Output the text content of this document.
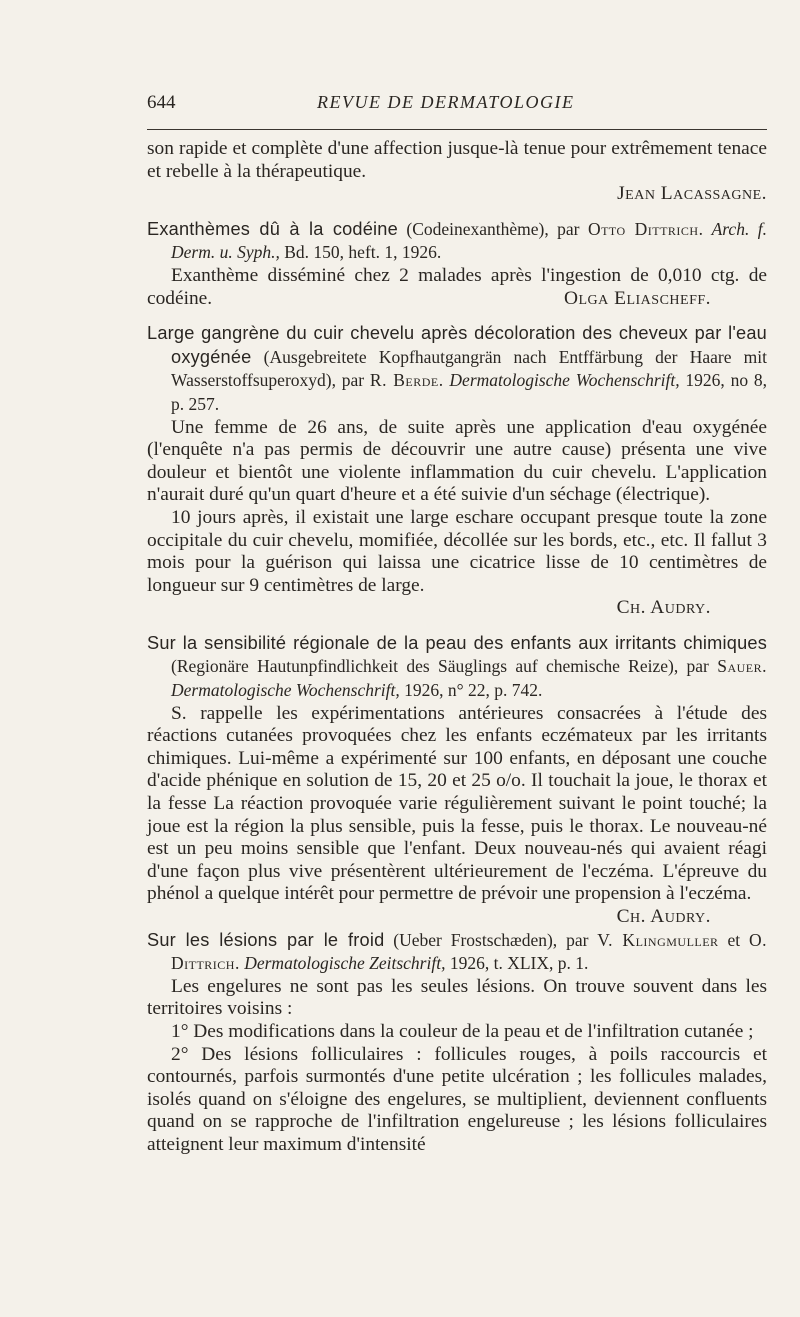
644	REVUE DE DERMATOLOGIE

son rapide et complète d'une affection jusque-là tenue pour extrêmement tenace et rebelle à la thérapeutique.

Jean Lacassagne.

Exanthèmes dû à la codéine (Codeinexanthème), par Otto Dittrich. Arch. f. Derm. u. Syph., Bd. 150, heft. 1, 1926.

Exanthème disséminé chez 2 malades après l'ingestion de 0,010 ctg. de codéine.	Olga Eliascheff.

Large gangrène du cuir chevelu après décoloration des cheveux par l'eau oxygénée (Ausgebreitete Kopfhautgangrän nach Entffärbung der Haare mit Wasserstoffsuperoxyd), par R. Berde. Dermatologische Wochenschrift, 1926, no 8, p. 257.

Une femme de 26 ans, de suite après une application d'eau oxygénée (l'enquête n'a pas permis de découvrir une autre cause) présenta une vive douleur et bientôt une violente inflammation du cuir chevelu. L'application n'aurait duré qu'un quart d'heure et a été suivie d'un séchage (électrique).

10 jours après, il existait une large eschare occupant presque toute la zone occipitale du cuir chevelu, momifiée, décollée sur les bords, etc., etc. Il fallut 3 mois pour la guérison qui laissa une cicatrice lisse de 10 centimètres de longueur sur 9 centimètres de large.

Ch. Audry.

Sur la sensibilité régionale de la peau des enfants aux irritants chimiques (Regionäre Hautunpfindlichkeit des Säuglings auf chemische Reize), par Sauer. Dermatologische Wochenschrift, 1926, n° 22, p. 742.

S. rappelle les expérimentations antérieures consacrées à l'étude des réactions cutanées provoquées chez les enfants eczémateux par les irritants chimiques. Lui-même a expérimenté sur 100 enfants, en déposant une couche d'acide phénique en solution de 15, 20 et 25 o/o. Il touchait la joue, le thorax et la fesse La réaction provoquée varie régulièrement suivant le point touché; la joue est la région la plus sensible, puis la fesse, puis le thorax. Le nouveau-né est un peu moins sensible que l'enfant. Deux nouveau-nés qui avaient réagi d'une façon plus vive présentèrent ultérieurement de l'eczéma. L'épreuve du phénol a quelque intérêt pour permettre de prévoir une propension à l'eczéma.
Ch. Audry.

Sur les lésions par le froid (Ueber Frostschæden), par V. Klingmuller et O. Dittrich. Dermatologische Zeitschrift, 1926, t. XLIX, p. 1.

Les engelures ne sont pas les seules lésions. On trouve souvent dans les territoires voisins :

1° Des modifications dans la couleur de la peau et de l'infiltration cutanée ;

2° Des lésions folliculaires : follicules rouges, à poils raccourcis et contournés, parfois surmontés d'une petite ulcération ; les follicules malades, isolés quand on s'éloigne des engelures, se multiplient, deviennent confluents quand on se rapproche de l'infiltration engelureuse ; les lésions folliculaires atteignent leur maximum d'intensité
